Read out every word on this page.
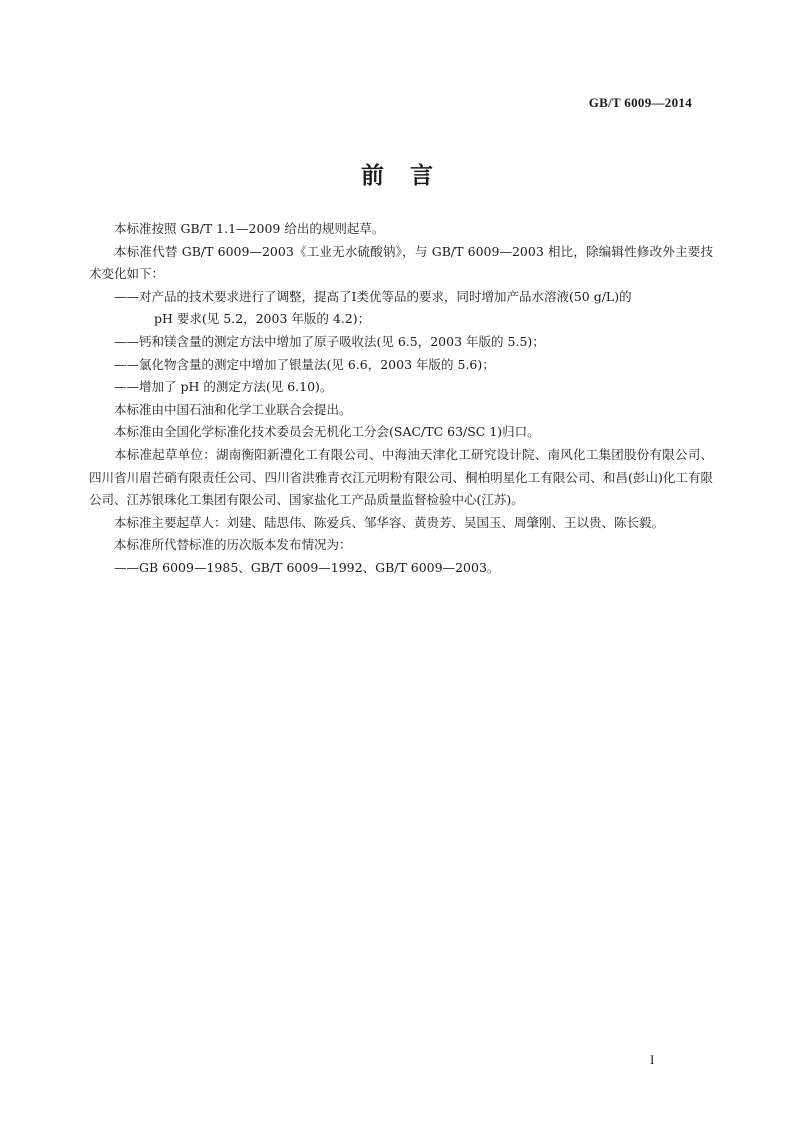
GB/T 6009—2014
前言

本标准按照 GB/T 1.1—2009 给出的规则起草。

本标准代替 GB/T 6009—2003《工业无水硫酸钠》，与 GB/T 6009—2003 相比，除编辑性修改外主要技术变化如下：

——对产品的技术要求进行了调整，提高了Ⅰ类优等品的要求，同时增加产品水溶液(50 g/L)的

pH 要求(见 5.2，2003 年版的 4.2)；

——钙和镁含量的测定方法中增加了原子吸收法(见 6.5，2003 年版的 5.5)；

——氯化物含量的测定中增加了银量法(见 6.6，2003 年版的 5.6)；

——增加了 pH 的测定方法(见 6.10)。

本标准由中国石油和化学工业联合会提出。

本标准由全国化学标准化技术委员会无机化工分会(SAC/TC 63/SC 1)归口。

本标准起草单位：湖南衡阳新澧化工有限公司、中海油天津化工研究设计院、南风化工集团股份有限公司、四川省川眉芒硝有限责任公司、四川省洪雅青衣江元明粉有限公司、桐柏明星化工有限公司、和昌(彭山)化工有限公司、江苏银珠化工集团有限公司、国家盐化工产品质量监督检验中心(江苏)。

本标准主要起草人：刘建、陆思伟、陈爱兵、邹华容、黄贵芳、吴国玉、周肇刚、王以贵、陈长毅。

本标准所代替标准的历次版本发布情况为：

——GB 6009—1985、GB/T 6009—1992、GB/T 6009—2003。

I
